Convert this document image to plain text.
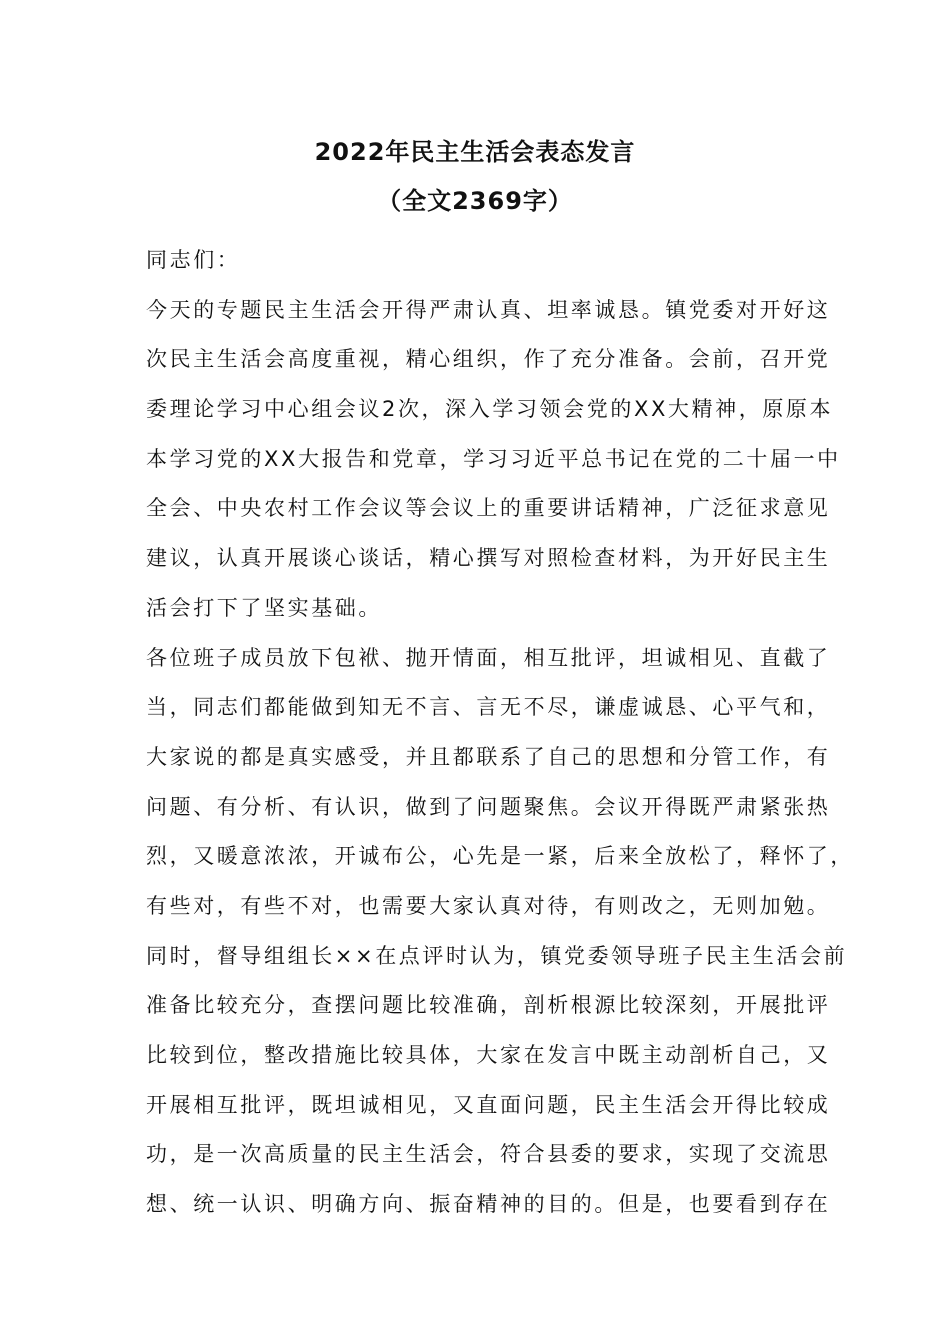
2022年民主生活会表态发言
（全文2369字）
同志们：
今天的专题民主生活会开得严肃认真、坦率诚恳。镇党委对开好这
次民主生活会高度重视，精心组织，作了充分准备。会前，召开党
委理论学习中心组会议2次，深入学习领会党的XX大精神，原原本
本学习党的XX大报告和党章，学习习近平总书记在党的二十届一中
全会、中央农村工作会议等会议上的重要讲话精神，广泛征求意见
建议，认真开展谈心谈话，精心撰写对照检查材料，为开好民主生
活会打下了坚实基础。
各位班子成员放下包袱、抛开情面，相互批评，坦诚相见、直截了
当，同志们都能做到知无不言、言无不尽，谦虚诚恳、心平气和，
大家说的都是真实感受，并且都联系了自己的思想和分管工作，有
问题、有分析、有认识，做到了问题聚焦。会议开得既严肃紧张热
烈，又暖意浓浓，开诚布公，心先是一紧，后来全放松了，释怀了，
有些对，有些不对，也需要大家认真对待，有则改之，无则加勉。
同时，督导组组长××在点评时认为，镇党委领导班子民主生活会前
准备比较充分，查摆问题比较准确，剖析根源比较深刻，开展批评
比较到位，整改措施比较具体，大家在发言中既主动剖析自己，又
开展相互批评，既坦诚相见，又直面问题，民主生活会开得比较成
功，是一次高质量的民主生活会，符合县委的要求，实现了交流思
想、统一认识、明确方向、振奋精神的目的。但是，也要看到存在
